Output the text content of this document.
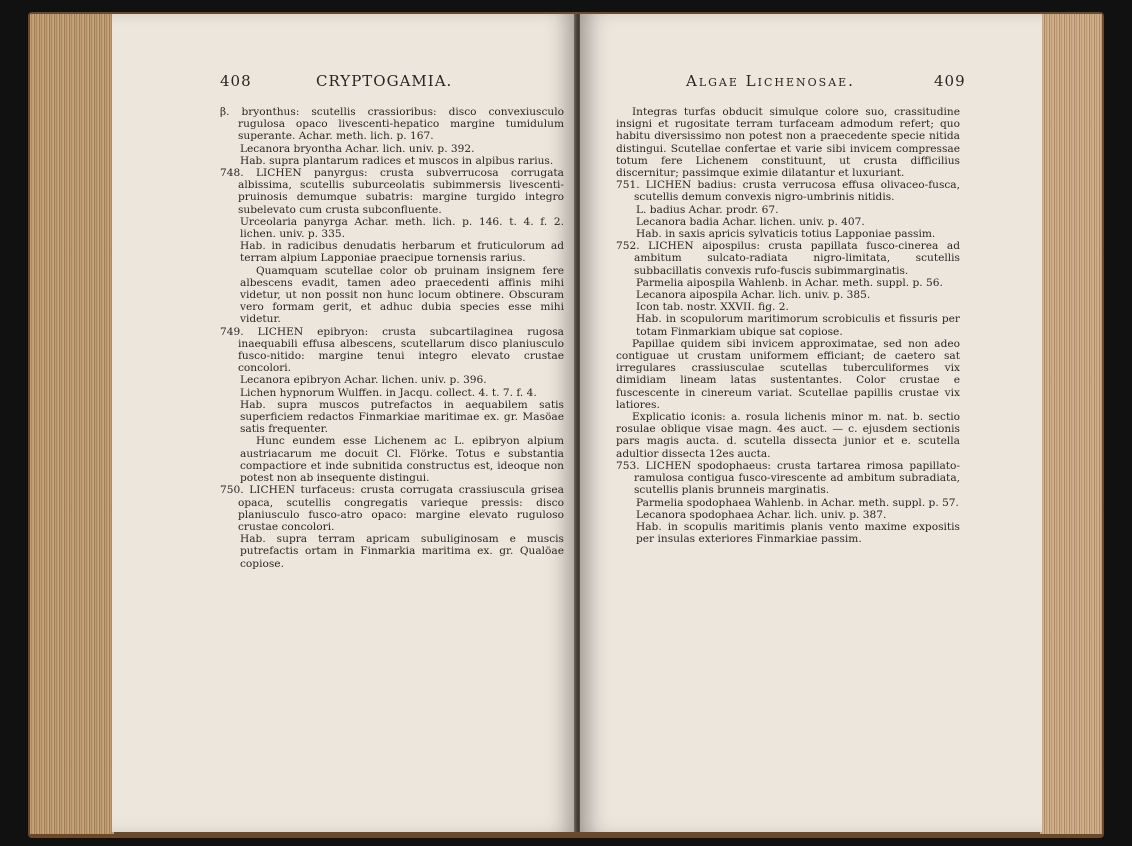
408	CRYPTOGAMIA.

β. bryonthus: scutellis crassioribus: disco convexiusculo rugulosa opaco livescenti-hepatico margine tumidulum superante. Achar. meth. lich. p. 167.

Lecanora bryontha Achar. lich. univ. p. 392.

Hab. supra plantarum radices et muscos in alpibus rarius.

748. LICHEN panyrgus: crusta subverrucosa corrugata albissima, scutellis suburceolatis subimmersis livescenti-pruinosis demumque subatris: margine turgido integro subelevato cum crusta subconfluente.

Urceolaria panyrga Achar. meth. lich. p. 146. t. 4. f. 2. lichen. univ. p. 335.

Hab. in radicibus denudatis herbarum et fruticulorum ad terram alpium Lapponiae praecipue tornensis rarius.

Quamquam scutellae color ob pruinam insignem fere albescens evadit, tamen adeo praecedenti affinis mihi videtur, ut non possit non hunc locum obtinere. Obscuram vero formam gerit, et adhuc dubia species esse mihi videtur.

749. LICHEN epibryon: crusta subcartilaginea rugosa inaequabili effusa albescens, scutellarum disco planiusculo fusco-nitido: margine tenui integro elevato crustae concolori.

Lecanora epibryon Achar. lichen. univ. p. 396.

Lichen hypnorum Wulffen. in Jacqu. collect. 4. t. 7. f. 4.

Hab. supra muscos putrefactos in aequabilem satis superficiem redactos Finmarkiae maritimae ex. gr. Masöae satis frequenter.

Hunc eundem esse Lichenem ac L. epibryon alpium austriacarum me docuit Cl. Flörke. Totus e substantia compactiore et inde subnitida constructus est, ideoque non potest non ab insequente distingui.

750. LICHEN turfaceus: crusta corrugata crassiuscula grisea opaca, scutellis congregatis varieque pressis: disco planiusculo fusco-atro opaco: margine elevato ruguloso crustae concolori.

Hab. supra terram apricam subuliginosam e muscis putrefactis ortam in Finmarkia maritima ex. gr. Qualöae copiose.

Algae Lichenosae.	409

Integras turfas obducit simulque colore suo, crassitudine insigni et rugositate terram turfaceam admodum refert; quo habitu diversissimo non potest non a praecedente specie nitida distingui. Scutellae confertae et varie sibi invicem compressae totum fere Lichenem constituunt, ut crusta difficilius discernitur; passimque eximie dilatantur et luxuriant.

751. LICHEN badius: crusta verrucosa effusa olivaceo-fusca, scutellis demum convexis nigro-umbrinis nitidis.

L. badius Achar. prodr. 67.

Lecanora badia Achar. lichen. univ. p. 407.

Hab. in saxis apricis sylvaticis totius Lapponiae passim.

752. LICHEN aipospilus: crusta papillata fusco-cinerea ad ambitum sulcato-radiata nigro-limitata, scutellis subbacillatis convexis rufo-fuscis subimmarginatis.

Parmelia aipospila Wahlenb. in Achar. meth. suppl. p. 56.

Lecanora aipospila Achar. lich. univ. p. 385.

Icon tab. nostr. XXVII. fig. 2.

Hab. in scopulorum maritimorum scrobiculis et fissuris per totam Finmarkiam ubique sat copiose.

Papillae quidem sibi invicem approximatae, sed non adeo contiguae ut crustam uniformem efficiant; de caetero sat irregulares crassiusculae scutellas tuberculiformes vix dimidiam lineam latas sustentantes. Color crustae e fuscescente in cinereum variat. Scutellae papillis crustae vix latiores.

Explicatio iconis: a. rosula lichenis minor m. nat. b. sectio rosulae oblique visae magn. 4es auct. — c. ejusdem sectionis pars magis aucta. d. scutella dissecta junior et e. scutella adultior dissecta 12es aucta.

753. LICHEN spodophaeus: crusta tartarea rimosa papillato-ramulosa contigua fusco-virescente ad ambitum subradiata, scutellis planis brunneis marginatis.

Parmelia spodophaea Wahlenb. in Achar. meth. suppl. p. 57.

Lecanora spodophaea Achar. lich. univ. p. 387.

Hab. in scopulis maritimis planis vento maxime expositis per insulas exteriores Finmarkiae passim.
